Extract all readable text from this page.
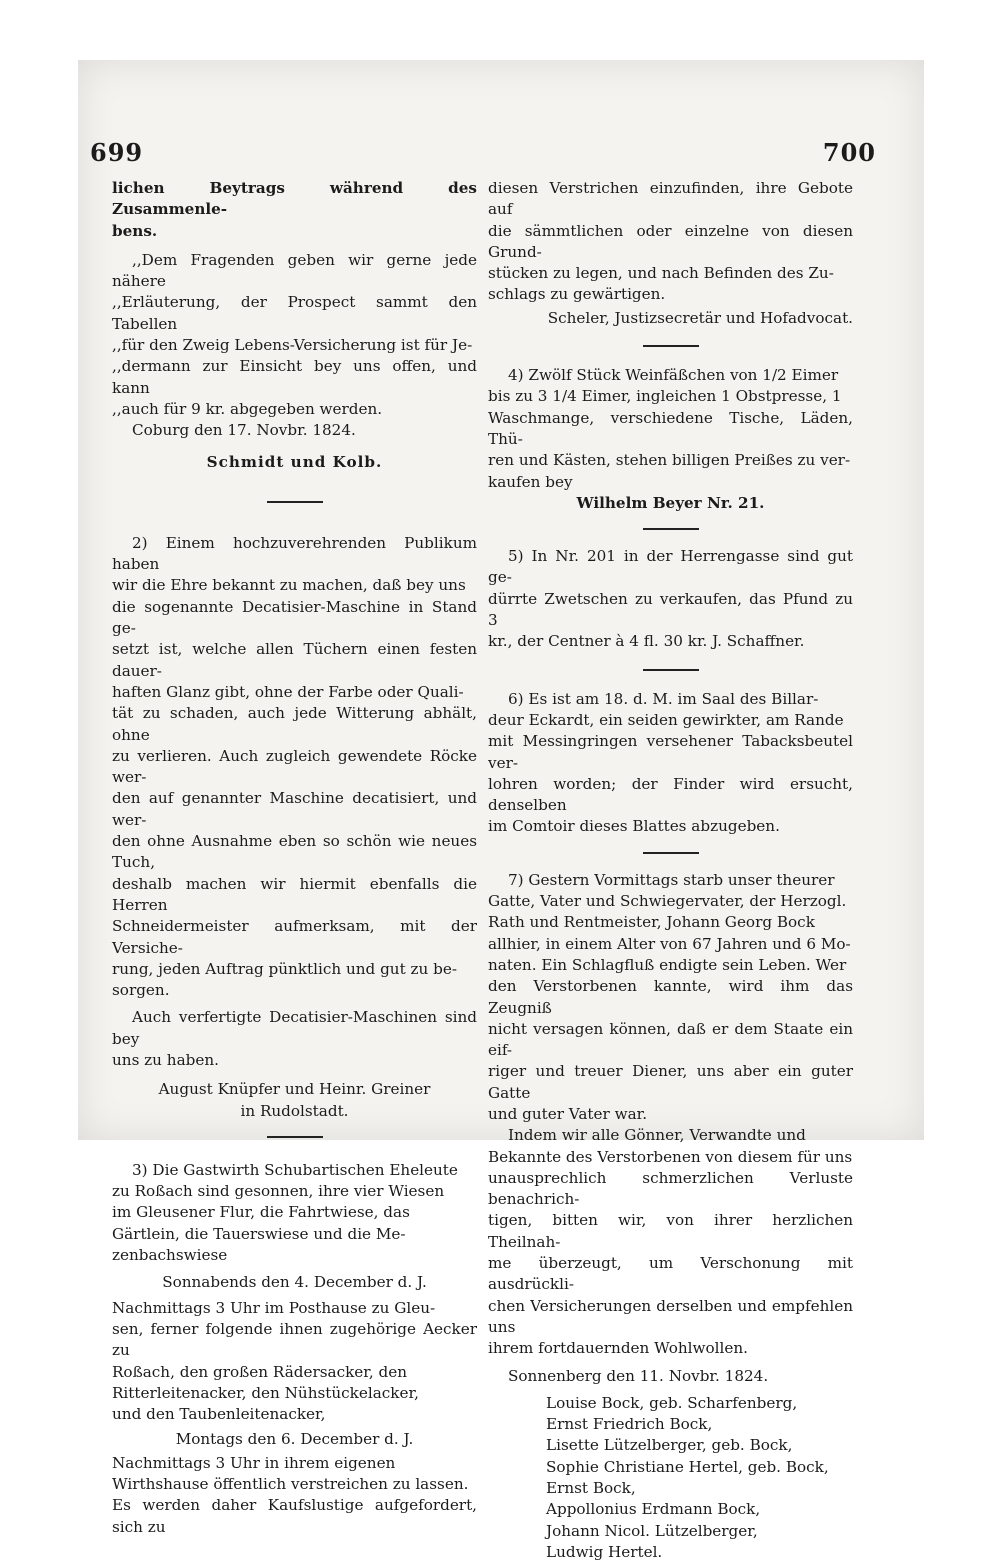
699	700

lichen Beytrags während des Zusammenle-
bens.

,,Dem Fragenden geben wir gerne jede nähere
,,Erläuterung, der Prospect sammt den Tabellen
,,für den Zweig Lebens-Versicherung ist für Je-
,,dermann zur Einsicht bey uns offen, und kann
,,auch für 9 kr. abgegeben werden.

Coburg den 17. Novbr. 1824.

Schmidt und Kolb.

2) Einem hochzuverehrenden Publikum haben
wir die Ehre bekannt zu machen, daß bey uns
die sogenannte Decatisier-Maschine in Stand ge-
setzt ist, welche allen Tüchern einen festen dauer-
haften Glanz gibt, ohne der Farbe oder Quali-
tät zu schaden, auch jede Witterung abhält, ohne
zu verlieren. Auch zugleich gewendete Röcke wer-
den auf genannter Maschine decatisiert, und wer-
den ohne Ausnahme eben so schön wie neues Tuch,
deshalb machen wir hiermit ebenfalls die Herren
Schneidermeister aufmerksam, mit der Versiche-
rung, jeden Auftrag pünktlich und gut zu be-
sorgen.

Auch verfertigte Decatisier-Maschinen sind bey
uns zu haben.

August Knüpfer und Heinr. Greiner
in Rudolstadt.

3) Die Gastwirth Schubartischen Eheleute
zu Roßach sind gesonnen, ihre vier Wiesen
im Gleusener Flur, die Fahrtwiese, das
Gärtlein, die Tauerswiese und die Me-
zenbachswiese

Sonnabends den 4. December d. J.

Nachmittags 3 Uhr im Posthause zu Gleu-
sen, ferner folgende ihnen zugehörige Aecker zu
Roßach, den großen Rädersacker, den
Ritterleitenacker, den Nühstückelacker,
und den Taubenleitenacker,

Montags den 6. December d. J.

Nachmittags 3 Uhr in ihrem eigenen
Wirthshause öffentlich verstreichen zu lassen.
Es werden daher Kaufslustige aufgefordert, sich zu

diesen Verstrichen einzufinden, ihre Gebote auf
die sämmtlichen oder einzelne von diesen Grund-
stücken zu legen, und nach Befinden des Zu-
schlags zu gewärtigen.

Scheler, Justizsecretär und Hofadvocat.

4) Zwölf Stück Weinfäßchen von 1/2 Eimer
bis zu 3 1/4 Eimer, ingleichen 1 Obstpresse, 1
Waschmange, verschiedene Tische, Läden, Thü-
ren und Kästen, stehen billigen Preißes zu ver-
kaufen bey

Wilhelm Beyer Nr. 21.

5) In Nr. 201 in der Herrengasse sind gut ge-
dürrte Zwetschen zu verkaufen, das Pfund zu 3
kr., der Centner à 4 fl. 30 kr. J. Schaffner.

6) Es ist am 18. d. M. im Saal des Billar-
deur Eckardt, ein seiden gewirkter, am Rande
mit Messingringen versehener Tabacksbeutel ver-
lohren worden; der Finder wird ersucht, denselben
im Comtoir dieses Blattes abzugeben.

7) Gestern Vormittags starb unser theurer
Gatte, Vater und Schwiegervater, der Herzogl.
Rath und Rentmeister, Johann Georg Bock
allhier, in einem Alter von 67 Jahren und 6 Mo-
naten. Ein Schlagfluß endigte sein Leben. Wer
den Verstorbenen kannte, wird ihm das Zeugniß
nicht versagen können, daß er dem Staate ein eif-
riger und treuer Diener, uns aber ein guter Gatte
und guter Vater war.

Indem wir alle Gönner, Verwandte und
Bekannte des Verstorbenen von diesem für uns
unausprechlich schmerzlichen Verluste benachrich-
tigen, bitten wir, von ihrer herzlichen Theilnah-
me überzeugt, um Verschonung mit ausdrückli-
chen Versicherungen derselben und empfehlen uns
ihrem fortdauernden Wohlwollen.

Sonnenberg den 11. Novbr. 1824.

Louise Bock, geb. Scharfenberg,
Ernst Friedrich Bock,
Lisette Lützelberger, geb. Bock,
Sophie Christiane Hertel, geb. Bock,
Ernst Bock,
Appollonius Erdmann Bock,
Johann Nicol. Lützelberger,
Ludwig Hertel.
